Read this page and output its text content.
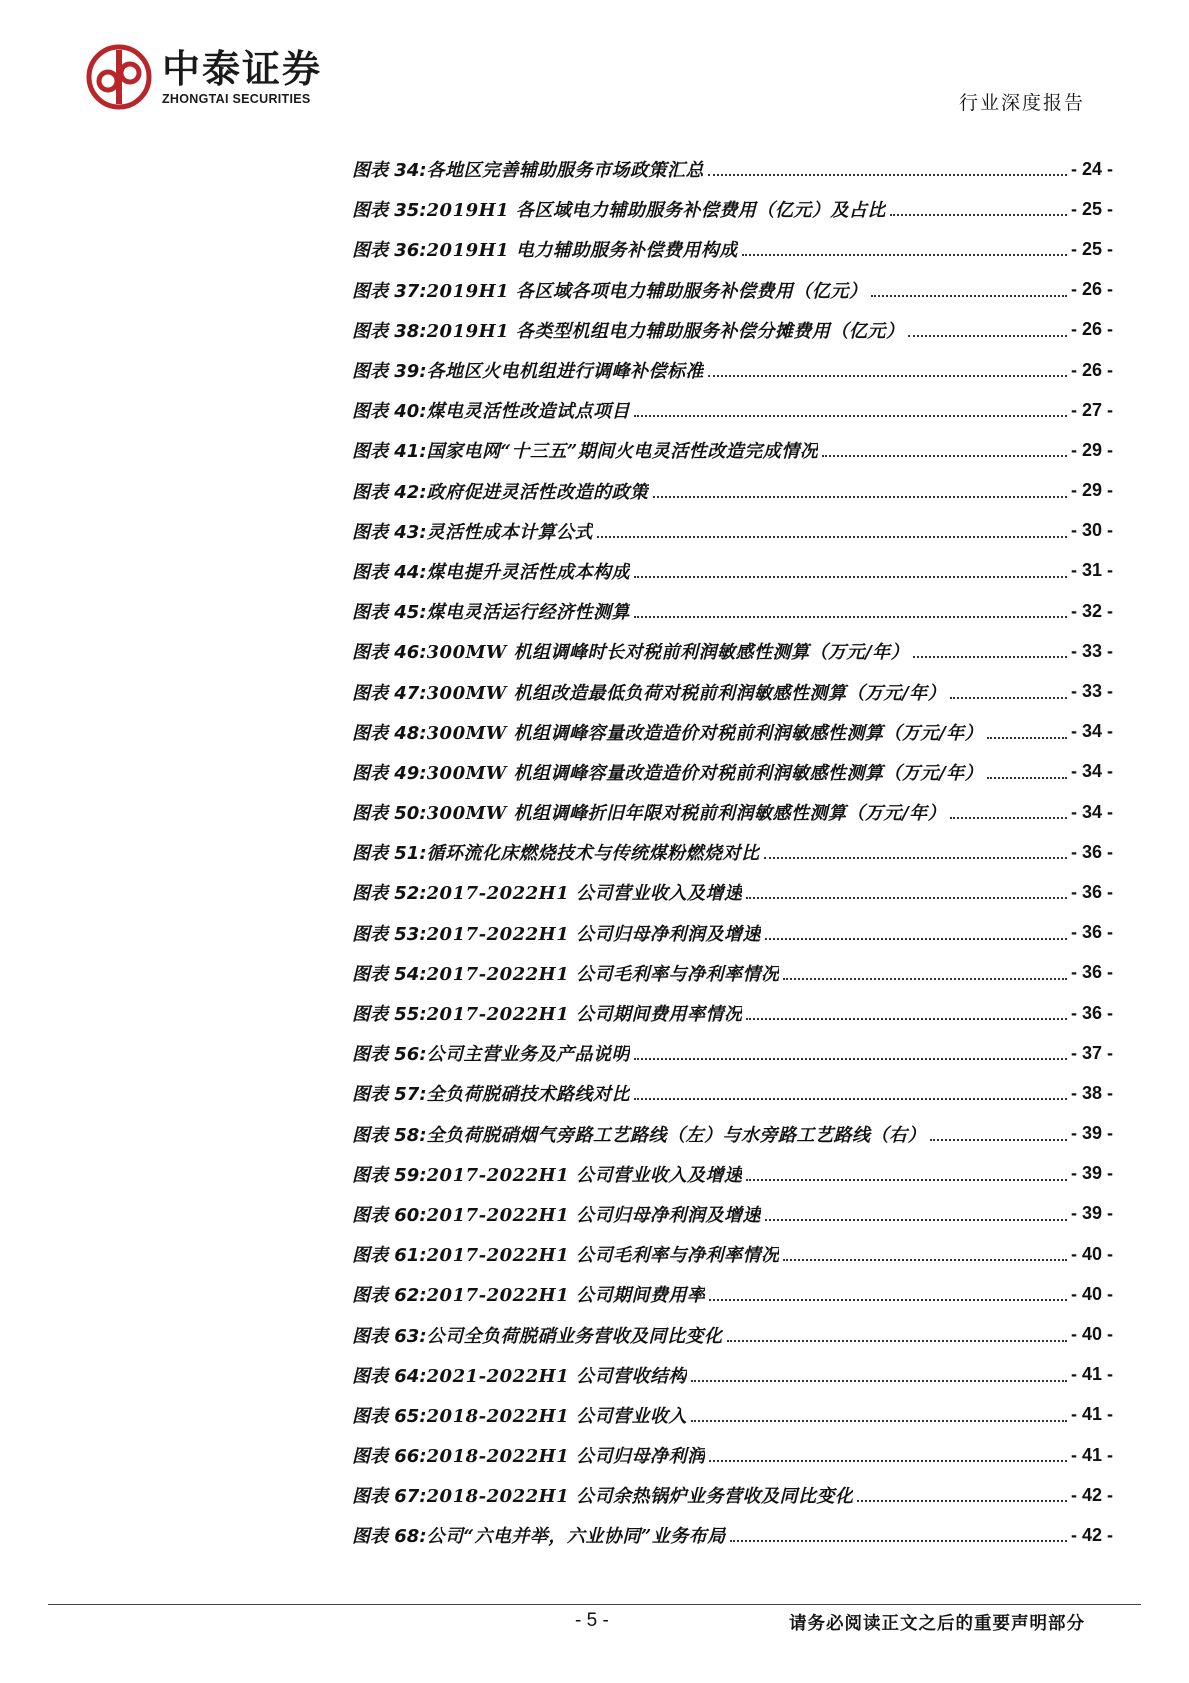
中泰证券
ZHONGTAI SECURITIES	行业深度报告
图表 34: 各地区完善辅助服务市场政策汇总	- 24 -
图表 35: 2019H1 各区域电力辅助服务补偿费用（亿元）及占比	- 25 -
图表 36: 2019H1 电力辅助服务补偿费用构成	- 25 -
图表 37: 2019H1 各区域各项电力辅助服务补偿费用（亿元）	- 26 -
图表 38: 2019H1 各类型机组电力辅助服务补偿分摊费用（亿元）	- 26 -
图表 39: 各地区火电机组进行调峰补偿标准	- 26 -
图表 40: 煤电灵活性改造试点项目	- 27 -
图表 41: 国家电网“十三五”期间火电灵活性改造完成情况	- 29 -
图表 42: 政府促进灵活性改造的政策	- 29 -
图表 43: 灵活性成本计算公式	- 30 -
图表 44: 煤电提升灵活性成本构成	- 31 -
图表 45: 煤电灵活运行经济性测算	- 32 -
图表 46: 300MW 机组调峰时长对税前利润敏感性测算（万元/年）	- 33 -
图表 47: 300MW 机组改造最低负荷对税前利润敏感性测算（万元/年）	- 33 -
图表 48: 300MW 机组调峰容量改造造价对税前利润敏感性测算（万元/年）	- 34 -
图表 49: 300MW 机组调峰容量改造造价对税前利润敏感性测算（万元/年）	- 34 -
图表 50: 300MW 机组调峰折旧年限对税前利润敏感性测算（万元/年）	- 34 -
图表 51: 循环流化床燃烧技术与传统煤粉燃烧对比	- 36 -
图表 52: 2017-2022H1 公司营业收入及增速	- 36 -
图表 53: 2017-2022H1 公司归母净利润及增速	- 36 -
图表 54: 2017-2022H1 公司毛利率与净利率情况	- 36 -
图表 55: 2017-2022H1 公司期间费用率情况	- 36 -
图表 56: 公司主营业务及产品说明	- 37 -
图表 57: 全负荷脱硝技术路线对比	- 38 -
图表 58: 全负荷脱硝烟气旁路工艺路线（左）与水旁路工艺路线（右）	- 39 -
图表 59: 2017-2022H1 公司营业收入及增速	- 39 -
图表 60: 2017-2022H1 公司归母净利润及增速	- 39 -
图表 61: 2017-2022H1 公司毛利率与净利率情况	- 40 -
图表 62: 2017-2022H1 公司期间费用率	- 40 -
图表 63: 公司全负荷脱硝业务营收及同比变化	- 40 -
图表 64: 2021-2022H1 公司营收结构	- 41 -
图表 65: 2018-2022H1 公司营业收入	- 41 -
图表 66: 2018-2022H1 公司归母净利润	- 41 -
图表 67: 2018-2022H1 公司余热锅炉业务营收及同比变化	- 42 -
图表 68: 公司“六电并举，六业协同”业务布局	- 42 -
- 5 -	请务必阅读正文之后的重要声明部分
